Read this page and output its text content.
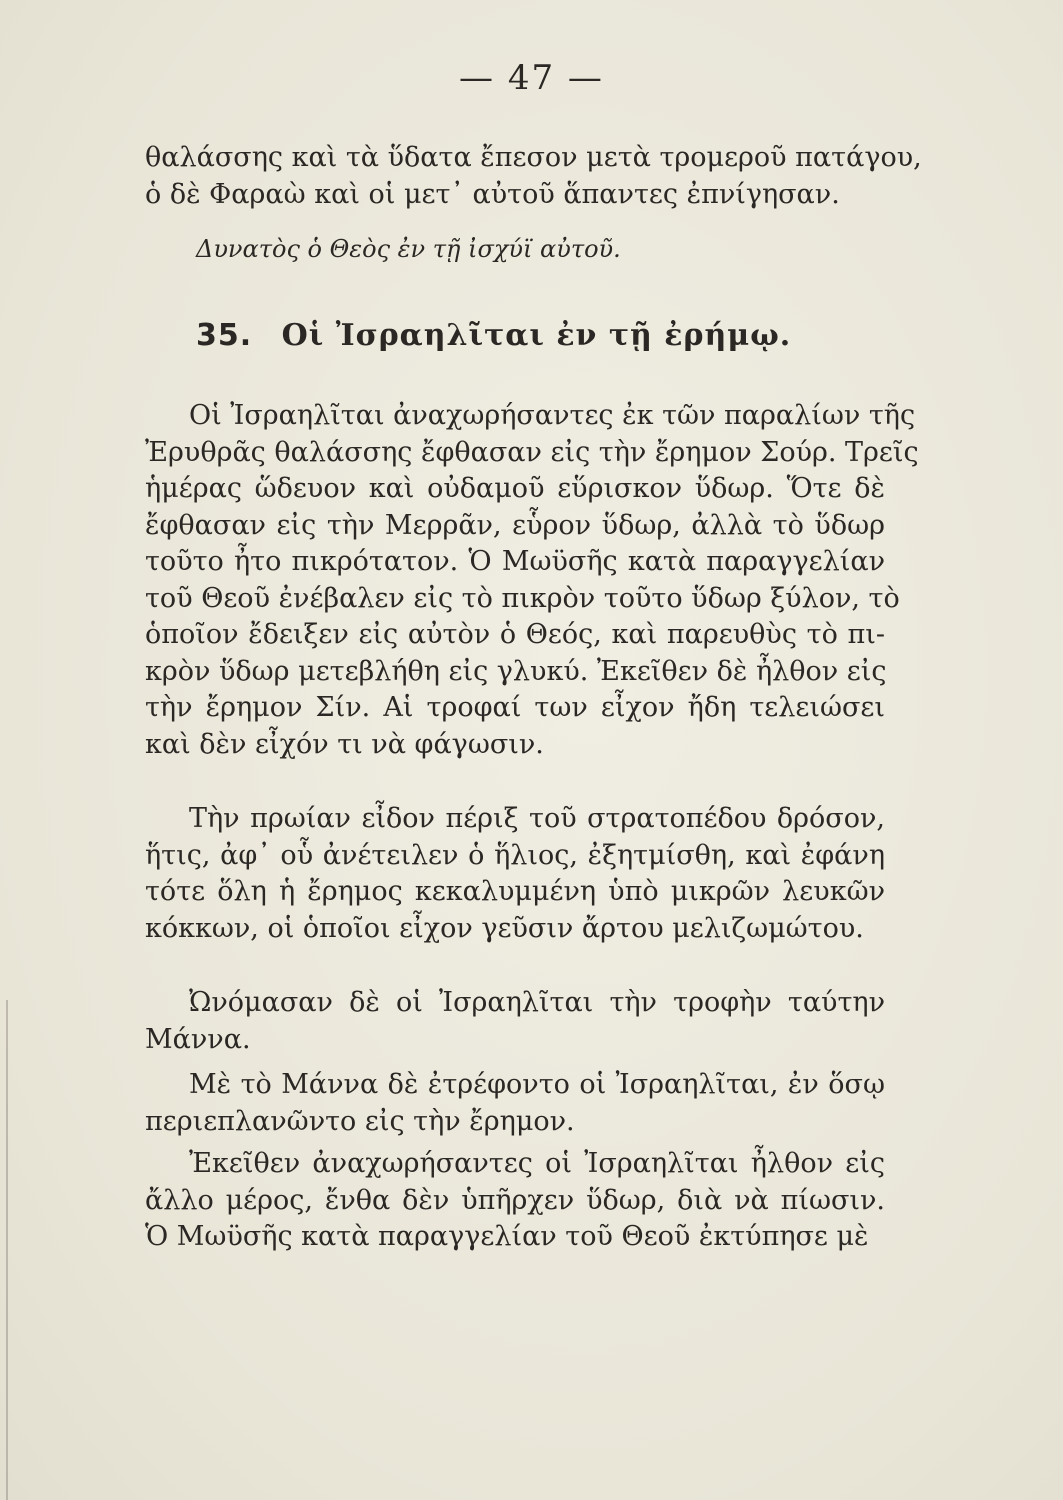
— 47 —
θαλάσσης καὶ τὰ ὕδατα ἔπεσον μετὰ τρομεροῦ πατάγου,
ὁ δὲ Φαραὼ καὶ οἱ μετ᾽ αὐτοῦ ἅπαντες ἐπνίγησαν.
Δυνατὸς ὁ Θεὸς ἐν τῇ ἰσχύϊ αὐτοῦ.
35. Οἱ Ἰσραηλῖται ἐν τῇ ἐρήμῳ.
Οἱ Ἰσραηλῖται ἀναχωρήσαντες ἐκ τῶν παραλίων τῆς
Ἐρυθρᾶς θαλάσσης ἔφθασαν εἰς τὴν ἔρημον Σούρ. Τρεῖς
ἡμέρας ὥδευον καὶ οὐδαμοῦ εὕρισκον ὕδωρ. Ὅτε δὲ
ἔφθασαν εἰς τὴν Μερρᾶν, εὗρον ὕδωρ, ἀλλὰ τὸ ὕδωρ
τοῦτο ἦτο πικρότατον. Ὁ Μωϋσῆς κατὰ παραγγελίαν
τοῦ Θεοῦ ἐνέβαλεν εἰς τὸ πικρὸν τοῦτο ὕδωρ ξύλον, τὸ
ὁποῖον ἔδειξεν εἰς αὐτὸν ὁ Θεός, καὶ παρευθὺς τὸ πι-
κρὸν ὕδωρ μετεβλήθη εἰς γλυκύ. Ἐκεῖθεν δὲ ἦλθον εἰς
τὴν ἔρημον Σίν. Αἱ τροφαί των εἶχον ἤδη τελειώσει
καὶ δὲν εἶχόν τι νὰ φάγωσιν.
Τὴν πρωίαν εἶδον πέριξ τοῦ στρατοπέδου δρόσον,
ἥτις, ἀφ᾽ οὗ ἀνέτειλεν ὁ ἥλιος, ἐξητμίσθη, καὶ ἐφάνη
τότε ὅλη ἡ ἔρημος κεκαλυμμένη ὑπὸ μικρῶν λευκῶν
κόκκων, οἱ ὁποῖοι εἶχον γεῦσιν ἄρτου μελιζωμώτου.
Ὠνόμασαν δὲ οἱ Ἰσραηλῖται τὴν τροφὴν ταύτην
Μάννα.
Μὲ τὸ Μάννα δὲ ἐτρέφοντο οἱ Ἰσραηλῖται, ἐν ὅσῳ
περιεπλανῶντο εἰς τὴν ἔρημον.
Ἐκεῖθεν ἀναχωρήσαντες οἱ Ἰσραηλῖται ἦλθον εἰς
ἄλλο μέρος, ἔνθα δὲν ὑπῆρχεν ὕδωρ, διὰ νὰ πίωσιν.
Ὁ Μωϋσῆς κατὰ παραγγελίαν τοῦ Θεοῦ ἐκτύπησε μὲ
